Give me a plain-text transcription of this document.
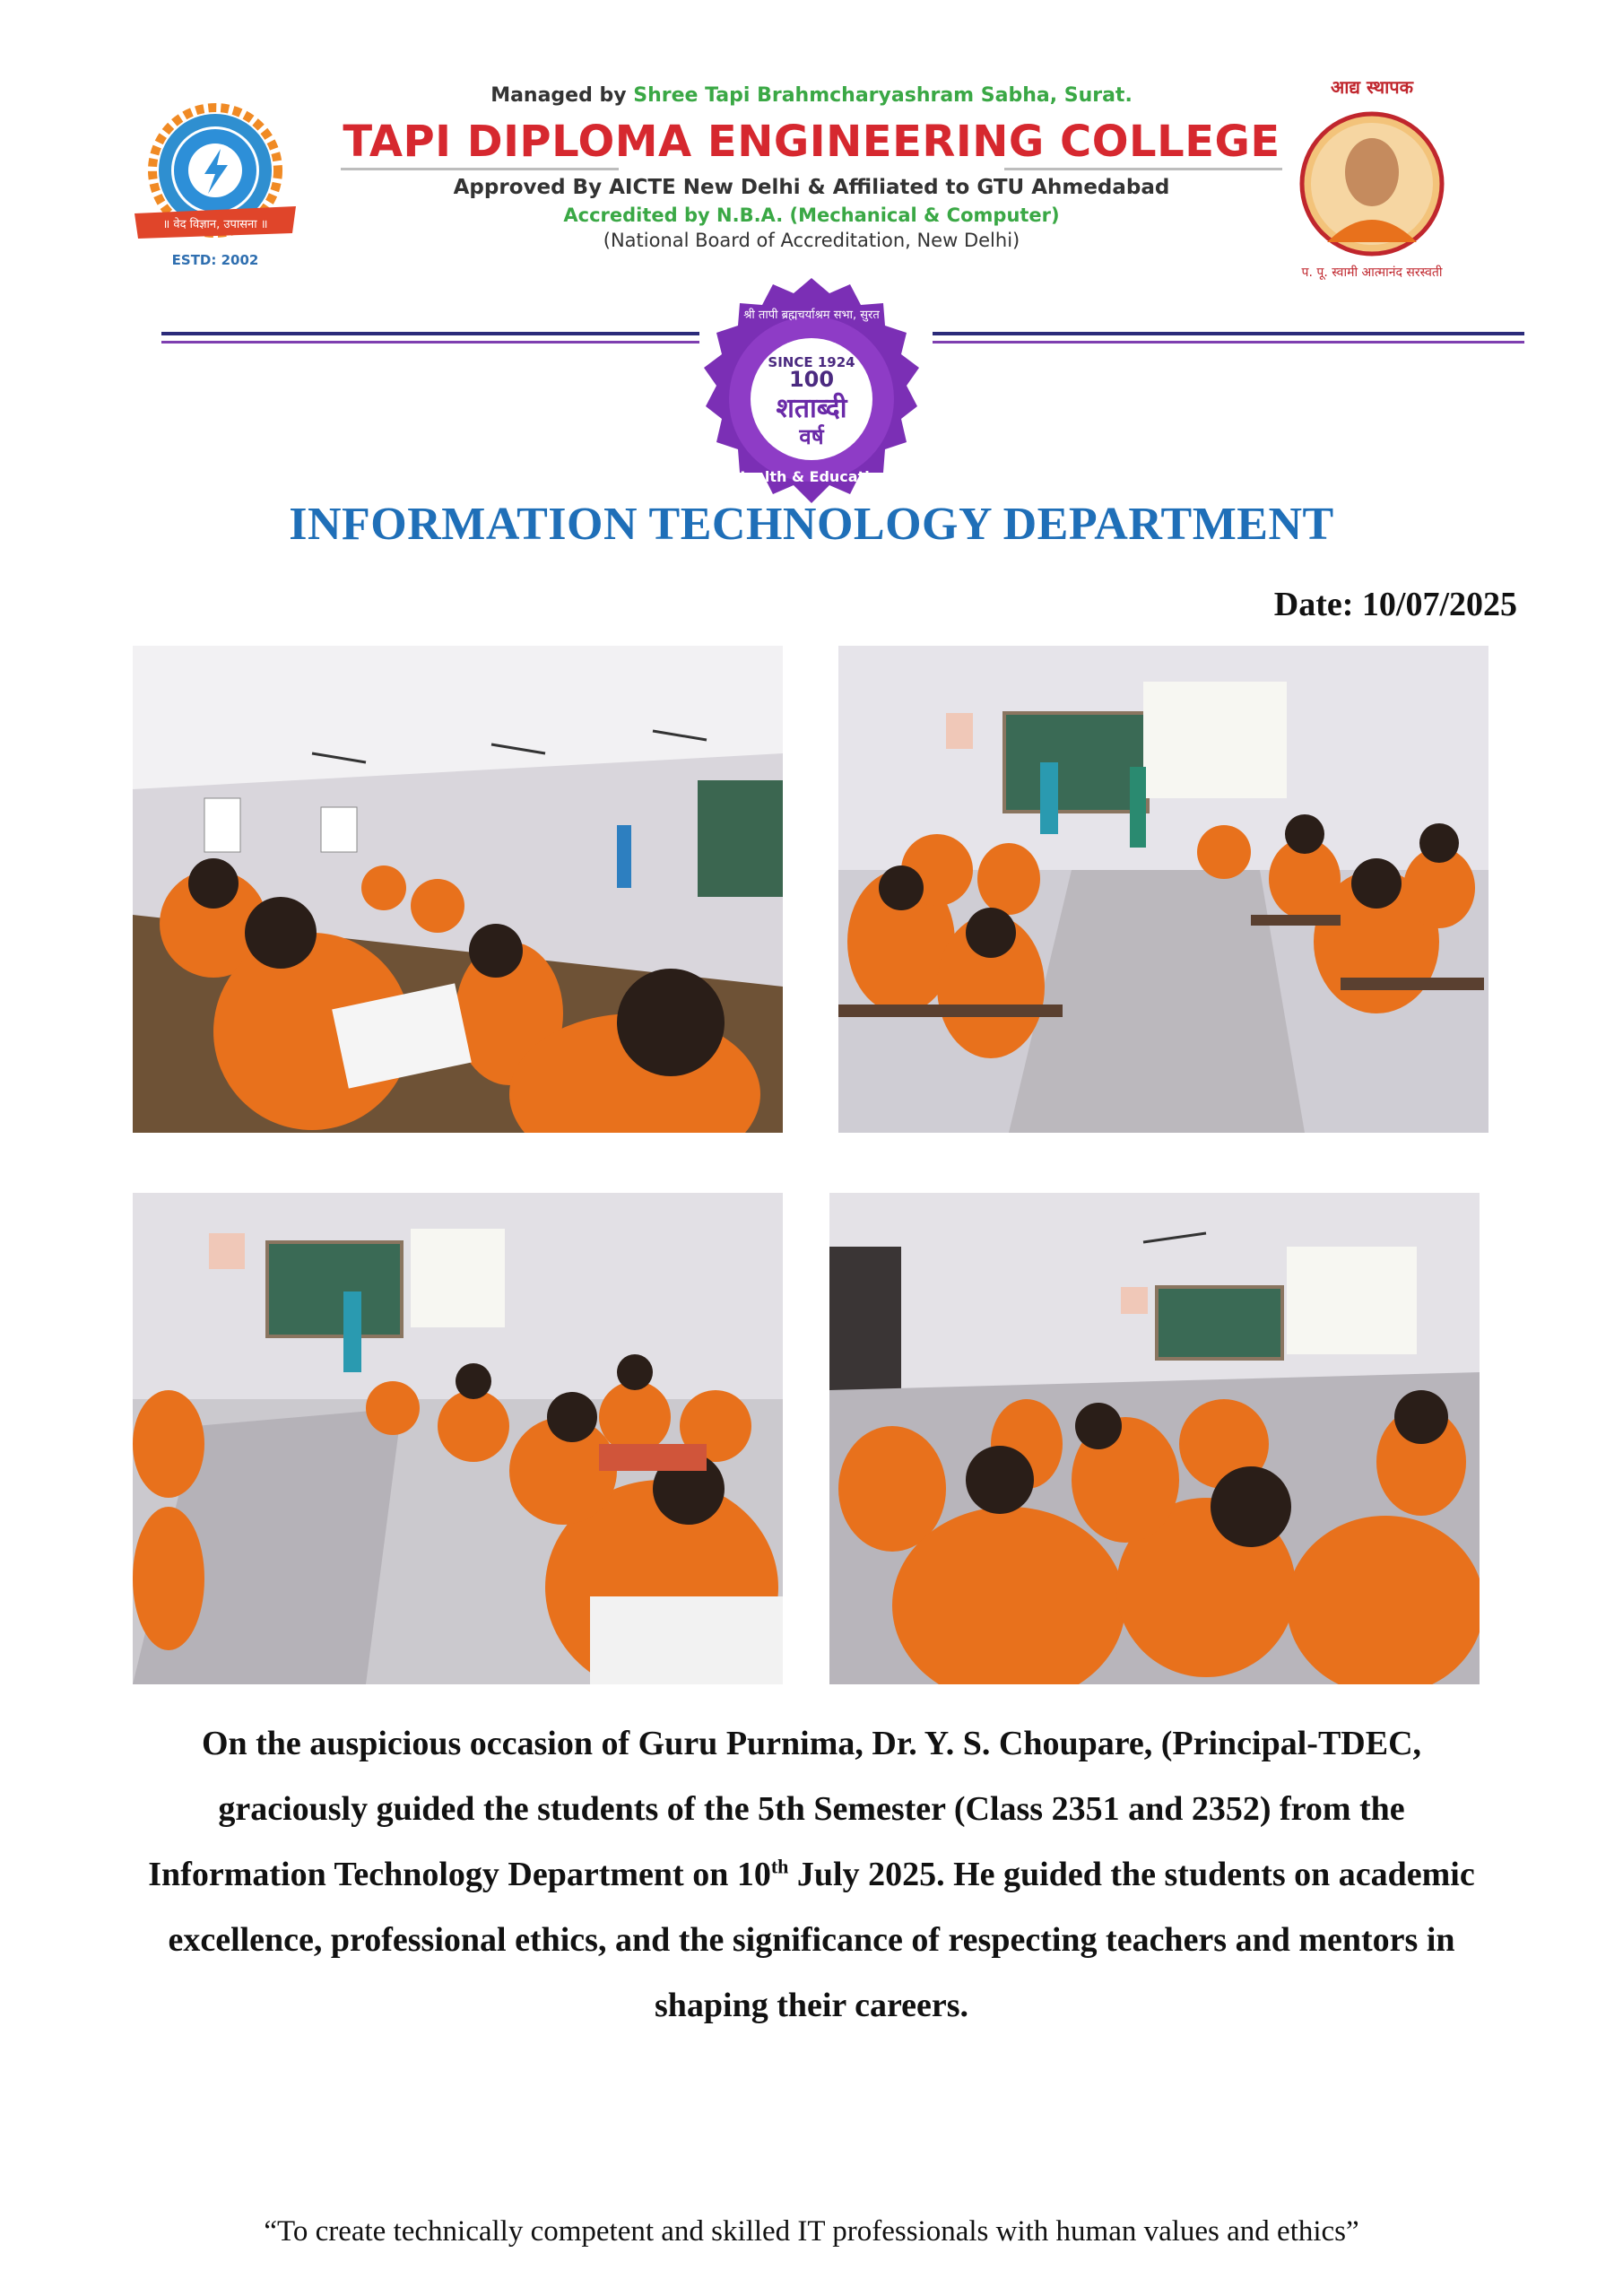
Managed by Shree Tapi Brahmcharyashram Sabha, Surat.
TAPI DIPLOMA ENGINEERING COLLEGE
Approved By AICTE New Delhi & Affiliated to GTU Ahmedabad
Accredited by N.B.A. (Mechanical & Computer)
(National Board of Accreditation, New Delhi)
॥ वेद विज्ञान, उपासना ॥
ESTD: 2002
आद्य स्थापक
प. पू. स्वामी आत्मानंद सरस्वती
श्री तापी ब्रह्मचर्याश्रम सभा, सुरत
SINCE 1924
100
शताब्दी
वर्ष
Health & Education
INFORMATION TECHNOLOGY DEPARTMENT
Date: 10/07/2025
On the auspicious occasion of Guru Purnima, Dr. Y. S. Choupare, (Principal-TDEC, graciously guided the students of the 5th Semester (Class 2351 and 2352) from the Information Technology Department on 10th July 2025. He guided the students on academic excellence, professional ethics, and the significance of respecting teachers and mentors in shaping their careers.
“To create technically competent and skilled IT professionals with human values and ethics”
